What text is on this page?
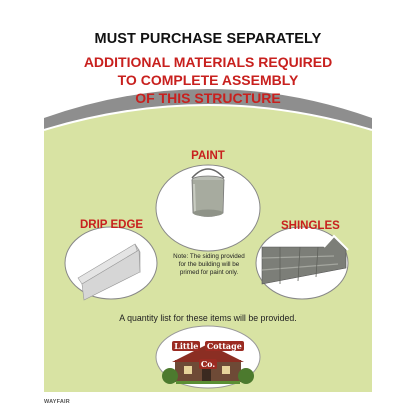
MUST PURCHASE SEPARATELY
ADDITIONAL MATERIALS REQUIRED
TO COMPLETE ASSEMBLY
OF THIS STRUCTURE
PAINT
DRIP EDGE	SHINGLES
Note: The siding provided for the building will be primed for paint only.
A quantity list for these items will be provided.
Little Cottage Co.
WAYFAIR
